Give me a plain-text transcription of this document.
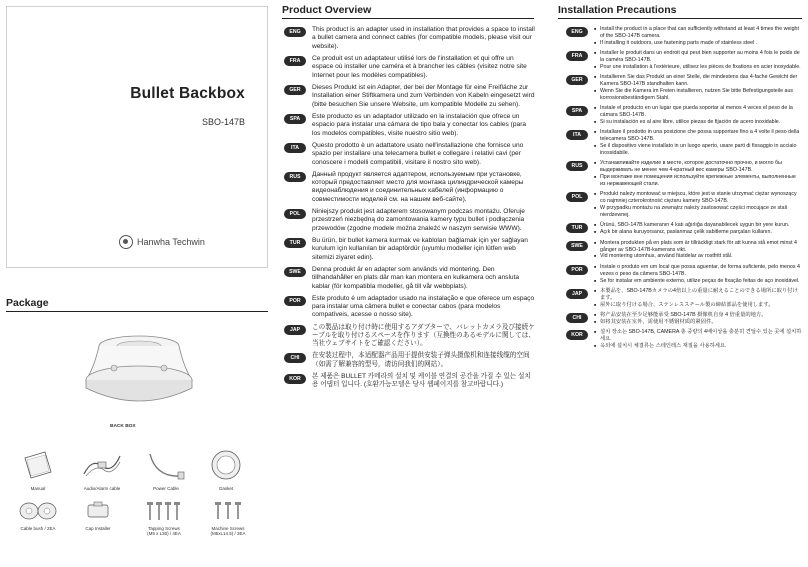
Bullet Backbox
SBO-147B
Hanwha Techwin
Package
BACK BOX
Manual	Audio/Alarm cable	Power Cable	Gasket
Cable bush / 2EA	Cap Installer	Tapping Screws
(M5 x L30) / 4EA
Machine Screws
(M5xL14.5) / 3EA
Product Overview
ENG	This product is an adapter used in installation that provides a space to install a bullet camera and connect cables (for compatible models, please visit our website).
FRA	Ce produit est un adaptateur utilisé lors de l'installation et qui offre un espace où installer une caméra et à brancher les câbles (visitez notre site Internet pour les modèles compatibles).
GER	Dieses Produkt ist ein Adapter, der bei der Montage für eine Freifläche zur Installation einer Stiftkamera und zum Verbinden von Kabeln eingesetzt wird (bitte besuchen Sie unsere Website, um kompatible Modelle zu sehen).
SPA	Este producto es un adaptador utilizado en la instalación que ofrece un espacio para instalar una cámara de tipo bala y conectar los cables (para los modelos compatibles, visite nuestro sitio web).
ITA	Questo prodotto è un adattatore usato nell'installazione che fornisce uno spazio per installare una telecamera bullet e collegare i relativi cavi (per conoscere i modelli compatibili, visitare il nostro sito web).
RUS	Данный продукт является адаптером, используемым при установке, который предоставляет место для монтажа цилиндрической камеры видеонаблюдения и соединительных кабелей (информацию о совместимости моделей см. на нашем веб-сайте).
POL	Niniejszy produkt jest adapterem stosowanym podczas montażu. Oferuje przestrzeń niezbędną do zamontowania kamery typu bullet i podłączenia przewodów (zgodne modele można znaleźć w naszym serwisie WWW).
TUR	Bu ürün, bir bullet kamera kurmak ve kabloları bağlamak için yer sağlayan kurulum için kullanılan bir adaptördür (uyumlu modeller için lütfen web sitemizi ziyaret edin).
SWE	Denna produkt är en adapter som används vid montering. Den tillhandahåller en plats där man kan montera en kulkamera och ansluta kablar (för kompatibla modeller, gå till vår webbplats).
POR	Este produto é um adaptador usado na instalação e que oferece um espaço para instalar uma câmera bullet e conectar cabos (para modelos compatíveis, acesse o nosso site).
JAP	この製品は取り付け時に使用するアダプターで、バレットカメラ及び接続ケーブルを取り付けるスペースを作ります（互換性のあるモデルに関しては、当社ウェブサイトをご確認ください）。
CHI	在安装过程中，本适配器产品用于提供安装子弹头摄像机和连接线缆的空间（如需了解兼容的型号，请访问我们的网站）。
KOR	본 제품은 BULLET 카메라의 설치 및 케이블 연결의 공간을 가질 수 있는 설치용 어댑터 입니다. (호환가능모델은 당사 웹페이지를 참고바랍니다.)
Installation Precautions
ENG	■ Install the product in a place that can sufficiently withstand at least 4 times the weight of the SBO-147B camera.
■ If installing it outdoors, use fastening parts made of stainless steel .
FRA	■ Installer le produit dans un endroit qui peut bien supporter au moins 4 fois le poids de la caméra SBO-147B.
■ Pour une installation à l'extérieure, utilisez les pièces de fixations en acier inoxydable.
GER	■ Installieren Sie das Produkt an einer Stelle, die mindestens das 4-fache Gewicht der Kamera SBO-147B standhalten kann.
■ Wenn Sie die Kamera im Freien installieren, nutzen Sie bitte Befestigungsteile aus korrosionsbeständigem Stahl.
SPA	■ Instale el producto en un lugar que pueda soportar al menos 4 veces el peso de la cámara SBO-147B.
■ Si su instalación es al aire libre, utilice piezas de fijación de acero inoxidable.
ITA	■ Installare il prodotto in una posizione che possa supportare fino a 4 volte il peso della telecamera SBO-147B.
■ Se il dispositivo viene installato in un luogo aperto, usare parti di fissaggio in acciaio inossidabile.
RUS	■ Устанавливайте изделие в месте, которое достаточно прочно, и могло бы выдерживать не менее чем 4-кратный вес камеры SBO-147B.
■ При монтаже вне помещения используйте крепежные элементы, выполненные из нержавеющей стали.
POL	■ Produkt należy montować w miejscu, które jest w stanie utrzymać ciężar wynoszący co najmniej czterokrotność ciężaru kamery SBO-147B.
■ W przypadku montażu na zewnątrz należy zastosować części mocujące ze stali nierdzewnej.
TUR	■ Ürünü, SBO-147B kameranın 4 katı ağırlığa dayanabilecek uygun bir yere kurun.
■ Açık bir alana kuruyorsanız, paslanmaz çelik sabitleme parçaları kullanın.
SWE	■ Montera produkten på en plats som är tillräckligt stark för att kunna stå emot minst 4 gånger av SBO-147B-kamerans vikt.
■ Vid montering utomhus, använd fästdelar av rostfritt stål.
POR	■ Instale o produto em um local que possa aguentar, de forma suficiente, pelo menos 4 vezes o peso da câmera SBO-147B.
■ Se for instalar em ambiente externo, utilize peças de fixação feitas de aço inoxidável.
JAP	■ 本製品を、SBO-147Bカメラの4倍以上の重量に耐えることのできる場所に取り付けます。
■ 屋外に取り付ける場合、ステンレススチール製の締結部品を使用します。
CHI	■ 将产品安装在至少足够能承受 SBO-147B 摄像机自身 4 倍重量的地方。
■ 如将其安装在室外，需使用不锈钢材质的紧固件。
KOR	■ 설치 장소는 SBO-147B, CAMERA 총 중량의 4배이상을 충분히 견딜수 있는 곳에 설치하세요.
■ 옥외에 설치시 체결류는 스테인레스 재질을 사용하세요.
